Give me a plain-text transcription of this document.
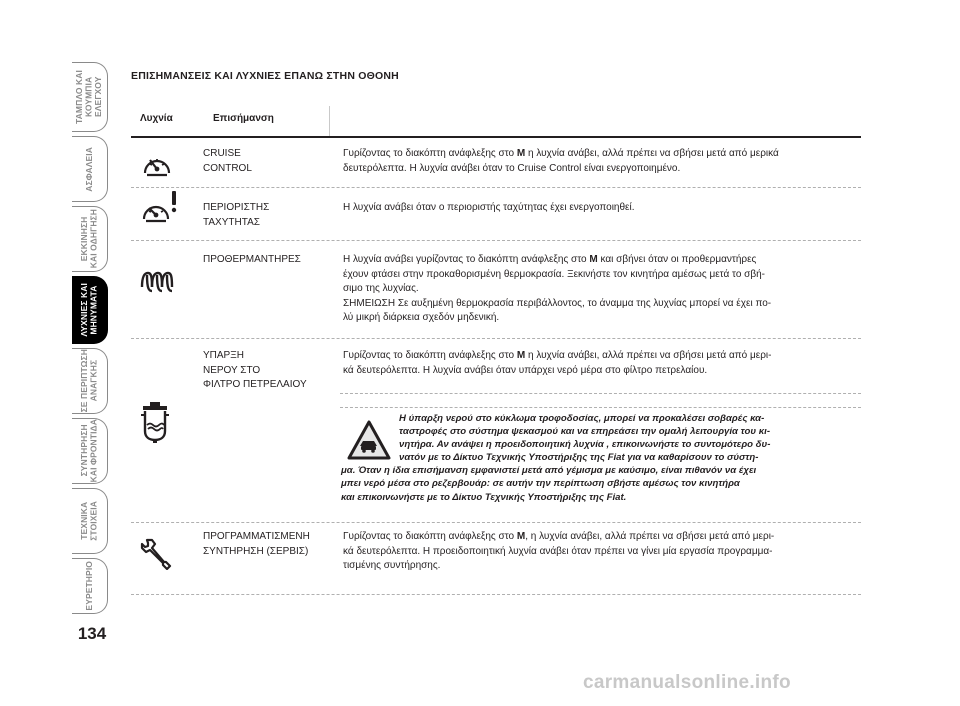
ΤΑΜΠΛΟ ΚΑΙ
ΚΟΥΜΠΙΑ
ΕΛΕΓΧΟΥ
ΑΣΦΑΛΕΙΑ
ΕΚΚΙΝΗΣΗ
ΚΑΙ ΟΔΗΓΗΣΗ
ΛΥΧΝΙΕΣ ΚΑΙ
ΜΗΝΥΜΑΤΑ
ΣΕ ΠΕΡΙΠΤΩΣΗ
ΑΝΑΓΚΗΣ
ΣΥΝΤΗΡΗΣΗ
ΚΑΙ ΦΡΟΝΤΙΔΑ
ΤΕΧΝΙΚΑ
ΣΤΟΙΧΕΙΑ
ΕΥΡΕΤΗΡΙΟ
134
ΕΠΙΣΗΜΑΝΣΕΙΣ ΚΑΙ ΛΥΧΝΙΕΣ ΕΠΑΝΩ ΣΤΗΝ ΟΘΟΝΗ
Λυχνία	Επισήμανση
CRUISE
CONTROL
Γυρίζοντας το διακόπτη ανάφλεξης στο M η λυχνία ανάβει, αλλά πρέπει να σβήσει μετά από μερικά
δευτερόλεπτα. Η λυχνία ανάβει όταν το Cruise Control είναι ενεργοποιημένο.
ΠΕΡΙΟΡΙΣΤΗΣ
ΤΑΧΥΤΗΤΑΣ
Η λυχνία ανάβει όταν ο περιοριστής ταχύτητας έχει ενεργοποιηθεί.
ΠΡΟΘΕΡΜΑΝΤΗΡΕΣ	Η λυχνία ανάβει γυρίζοντας το διακόπτη ανάφλεξης στο M και σβήνει όταν οι προθερμαντήρες
έχουν φτάσει στην προκαθορισμένη θερμοκρασία. Ξεκινήστε τον κινητήρα αμέσως μετά το σβή-
σιμο της λυχνίας.
ΣΗΜΕΙΩΣΗ Σε αυξημένη θερμοκρασία περιβάλλοντος, το άναμμα της λυχνίας μπορεί να έχει πο-
λύ μικρή διάρκεια σχεδόν μηδενική.
ΥΠΑΡΞΗ
ΝΕΡΟΥ ΣΤΟ
ΦΙΛΤΡΟ ΠΕΤΡΕΛΑΙΟΥ
Γυρίζοντας το διακόπτη ανάφλεξης στο M η λυχνία ανάβει, αλλά πρέπει να σβήσει μετά από μερι-
κά δευτερόλεπτα. Η λυχνία ανάβει όταν υπάρχει νερό μέρα στο φίλτρο πετρελαίου.
Η ύπαρξη νερού στο κύκλωμα τροφοδοσίας, μπορεί να προκαλέσει σοβαρές κα-
ταστροφές στο σύστημα ψεκασμού και να επηρεάσει την ομαλή λειτουργία του κι-
νητήρα. Αν ανάψει η προειδοποιητική λυχνία , επικοινωνήστε το συντομότερο δυ-
νατόν με το Δίκτυο Τεχνικής Υποστήριξης της Fiat για να καθαρίσουν το σύστη-
μα. Όταν η ίδια επισήμανση εμφανιστεί μετά από γέμισμα με καύσιμο, είναι πιθανόν να έχει
μπει νερό μέσα στο ρεζερβουάρ: σε αυτήν την περίπτωση σβήστε αμέσως τον κινητήρα
και επικοινωνήστε με το Δίκτυο Τεχνικής Υποστήριξης της Fiat.
ΠΡΟΓΡΑΜΜΑΤΙΣΜΕΝΗ
ΣΥΝΤΗΡΗΣΗ (ΣΕΡΒΙΣ)
Γυρίζοντας το διακόπτη ανάφλεξης στο M, η λυχνία ανάβει, αλλά πρέπει να σβήσει μετά από μερι-
κά δευτερόλεπτα. Η προειδοποιητική λυχνία ανάβει όταν πρέπει να γίνει μία εργασία προγραμμα-
τισμένης συντήρησης.
carmanualsonline.info
